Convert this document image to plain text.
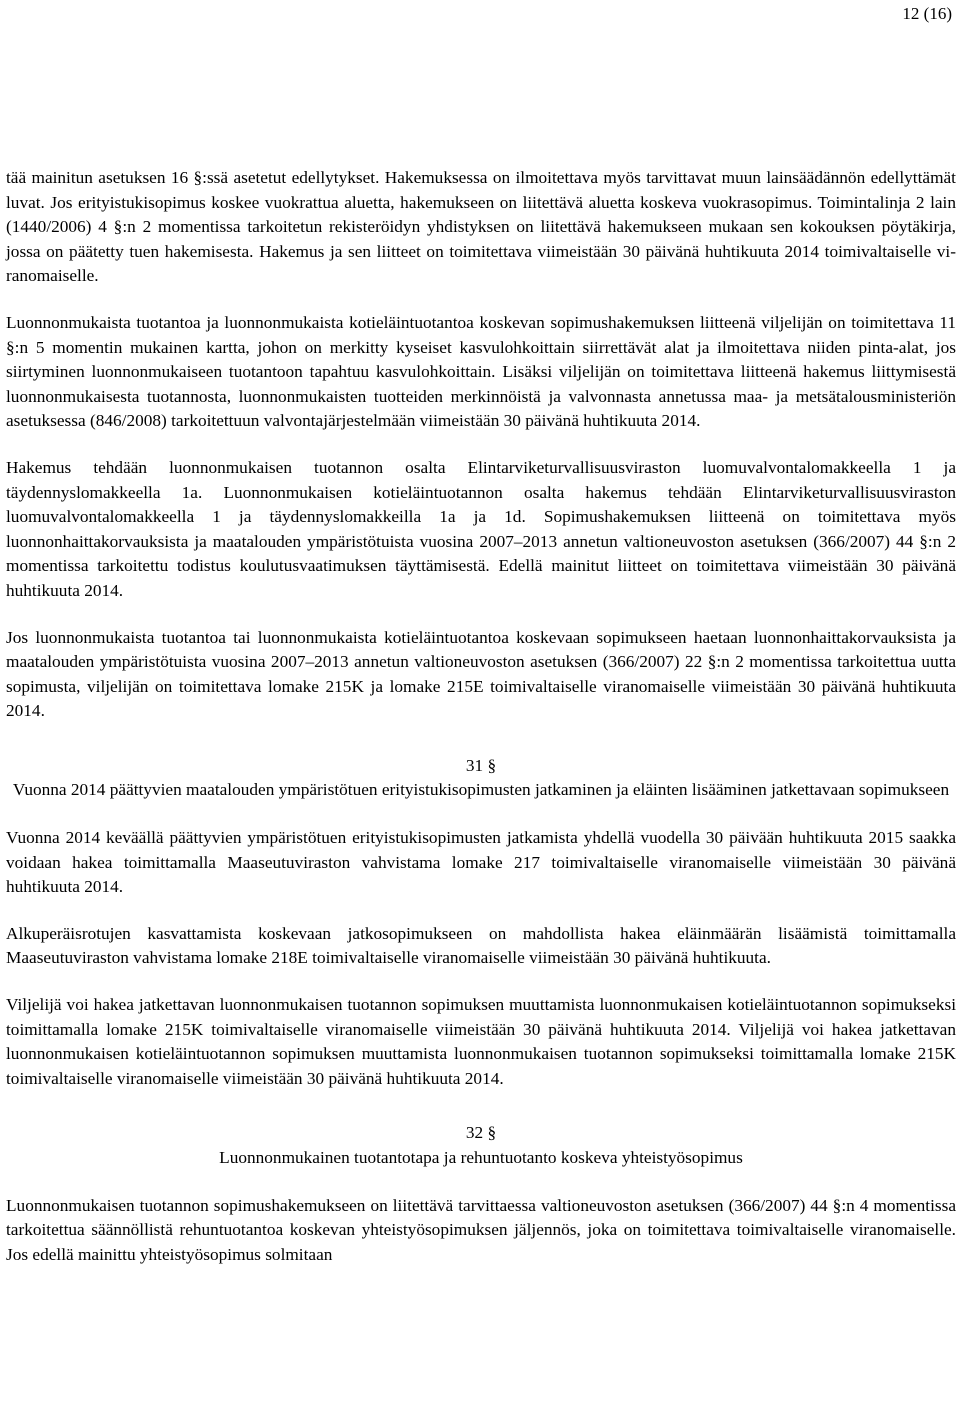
12 (16)

tää mainitun asetuksen 16 §:ssä asetetut edellytykset. Hakemuksessa on ilmoitettava myös tarvittavat muun lainsäädännön edellyttämät luvat. Jos erityistukisopimus koskee vuokrattua aluetta, hakemukseen on liitettävä aluetta koskeva vuokrasopimus. Toimintalinja 2 lain (1440/2006) 4 §:n 2 momentissa tarkoitetun rekisteröidyn yhdistyksen on liitettävä hakemukseen mukaan sen kokouksen pöytäkirja, jossa on päätetty tuen hakemisesta. Hakemus ja sen liitteet on toimitettava viimeistään 30 päivänä huhtikuuta 2014 toimivaltaiselle viranomaiselle.

Luonnonmukaista tuotantoa ja luonnonmukaista kotieläintuotantoa koskevan sopimushakemuksen liitteenä viljelijän on toimitettava 11 §:n 5 momentin mukainen kartta, johon on merkitty kyseiset kasvulohkoittain siirrettävät alat ja ilmoitettava niiden pinta-alat, jos siirtyminen luonnonmukaiseen tuotantoon tapahtuu kasvulohkoittain. Lisäksi viljelijän on toimitettava liitteenä hakemus liittymisestä luonnonmukaisesta tuotannosta, luonnonmukaisten tuotteiden merkinnöistä ja valvonnasta annetussa maa- ja metsätalousministeriön asetuksessa (846/2008) tarkoitettuun valvontajärjestelmään viimeistään 30 päivänä huhtikuuta 2014.

Hakemus tehdään luonnonmukaisen tuotannon osalta Elintarviketurvallisuusviraston luomuvalvontalomakkeella 1 ja täydennyslomakkeella 1a. Luonnonmukaisen kotieläintuotannon osalta hakemus tehdään Elintarviketurvallisuusviraston luomuvalvontalomakkeella 1 ja täydennyslomakkeilla 1a ja 1d. Sopimushakemuksen liitteenä on toimitettava myös luonnonhaittakorvauksista ja maatalouden ympäristötuista vuosina 2007–2013 annetun valtioneuvoston asetuksen (366/2007) 44 §:n 2 momentissa tarkoitettu todistus koulutusvaatimuksen täyttämisestä. Edellä mainitut liitteet on toimitettava viimeistään 30 päivänä huhtikuuta 2014.

Jos luonnonmukaista tuotantoa tai luonnonmukaista kotieläintuotantoa koskevaan sopimukseen haetaan luonnonhaittakorvauksista ja maatalouden ympäristötuista vuosina 2007–2013 annetun valtioneuvoston asetuksen (366/2007) 22 §:n 2 momentissa tarkoitettua uutta sopimusta, viljelijän on toimitettava lomake 215K ja lomake 215E toimivaltaiselle viranomaiselle viimeistään 30 päivänä huhtikuuta 2014.

31 §
Vuonna 2014 päättyvien maatalouden ympäristötuen erityistukisopimusten jatkaminen ja eläinten lisääminen jatkettavaan sopimukseen

Vuonna 2014 keväällä päättyvien ympäristötuen erityistukisopimusten jatkamista yhdellä vuodella 30 päivään huhtikuuta 2015 saakka voidaan hakea toimittamalla Maaseutuviraston vahvistama lomake 217 toimivaltaiselle viranomaiselle viimeistään 30 päivänä huhtikuuta 2014.

Alkuperäisrotujen kasvattamista koskevaan jatkosopimukseen on mahdollista hakea eläinmäärän lisäämistä toimittamalla Maaseutuviraston vahvistama lomake 218E toimivaltaiselle viranomaiselle viimeistään 30 päivänä huhtikuuta.

Viljelijä voi hakea jatkettavan luonnonmukaisen tuotannon sopimuksen muuttamista luonnonmukaisen kotieläintuotannon sopimukseksi toimittamalla lomake 215K toimivaltaiselle viranomaiselle viimeistään 30 päivänä huhtikuuta 2014. Viljelijä voi hakea jatkettavan luonnonmukaisen kotieläintuotannon sopimuksen muuttamista luonnonmukaisen tuotannon sopimukseksi toimittamalla lomake 215K toimivaltaiselle viranomaiselle viimeistään 30 päivänä huhtikuuta 2014.

32 §
Luonnonmukainen tuotantotapa ja rehuntuotanto koskeva yhteistyösopimus

Luonnonmukaisen tuotannon sopimushakemukseen on liitettävä tarvittaessa valtioneuvoston asetuksen (366/2007) 44 §:n 4 momentissa tarkoitettua säännöllistä rehuntuotantoa koskevan yhteistyösopimuksen jäljennös, joka on toimitettava toimivaltaiselle viranomaiselle. Jos edellä mainittu yhteistyösopimus solmitaan
